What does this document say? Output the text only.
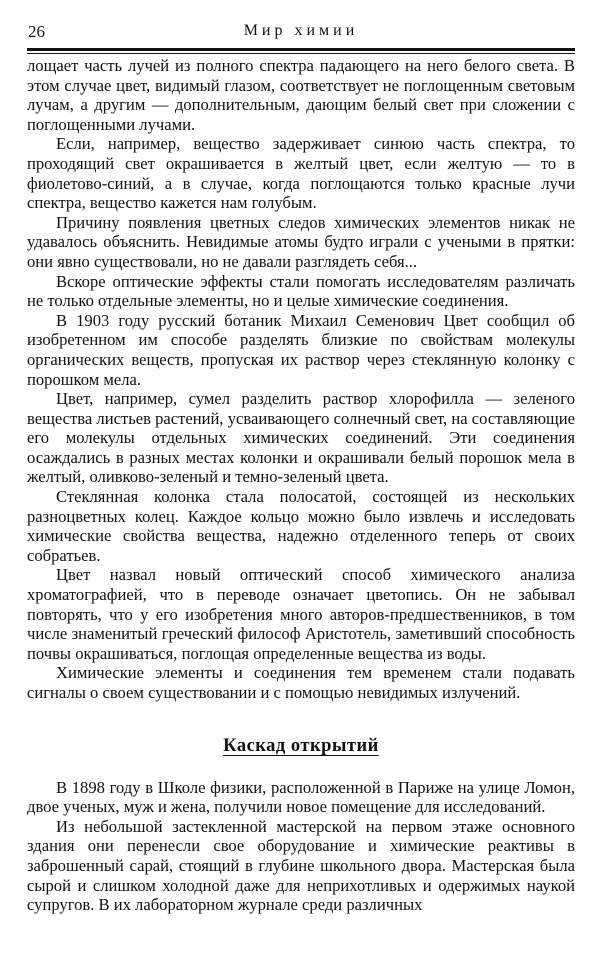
26	Мир химии

лощает часть лучей из полного спектра падающего на него белого света. В этом случае цвет, видимый глазом, соответствует не поглощенным световым лучам, а другим — дополнительным, дающим белый свет при сложении с поглощенными лучами.

Если, например, вещество задерживает синюю часть спектра, то проходящий свет окрашивается в желтый цвет, если желтую — то в фиолетово-синий, а в случае, когда поглощаются только красные лучи спектра, вещество кажется нам голубым.

Причину появления цветных следов химических элементов никак не удавалось объяснить. Невидимые атомы будто играли с учеными в прятки: они явно существовали, но не давали разглядеть себя...

Вскоре оптические эффекты стали помогать исследователям различать не только отдельные элементы, но и целые химические соединения.

В 1903 году русский ботаник Михаил Семенович Цвет сообщил об изобретенном им способе разделять близкие по свойствам молекулы органических веществ, пропуская их раствор через стеклянную колонку с порошком мела.

Цвет, например, сумел разделить раствор хлорофилла — зеленого вещества листьев растений, усваивающего солнечный свет, на составляющие его молекулы отдельных химических соединений. Эти соединения осаждались в разных местах колонки и окрашивали белый порошок мела в желтый, оливково-зеленый и темно-зеленый цвета.

Стеклянная колонка стала полосатой, состоящей из нескольких разноцветных колец. Каждое кольцо можно было извлечь и исследовать химические свойства вещества, надежно отделенного теперь от своих собратьев.

Цвет назвал новый оптический способ химического анализа хроматографией, что в переводе означает цветопись. Он не забывал повторять, что у его изобретения много авторов-предшественников, в том числе знаменитый греческий философ Аристотель, заметивший способность почвы окрашиваться, поглощая определенные вещества из воды.

Химические элементы и соединения тем временем стали подавать сигналы о своем существовании и с помощью невидимых излучений.

Каскад открытий

В 1898 году в Школе физики, расположенной в Париже на улице Ломон, двое ученых, муж и жена, получили новое помещение для исследований.

Из небольшой застекленной мастерской на первом этаже основного здания они перенесли свое оборудование и химические реактивы в заброшенный сарай, стоящий в глубине школьного двора. Мастерская была сырой и слишком холодной даже для неприхотливых и одержимых наукой супругов. В их лабораторном журнале среди различных
